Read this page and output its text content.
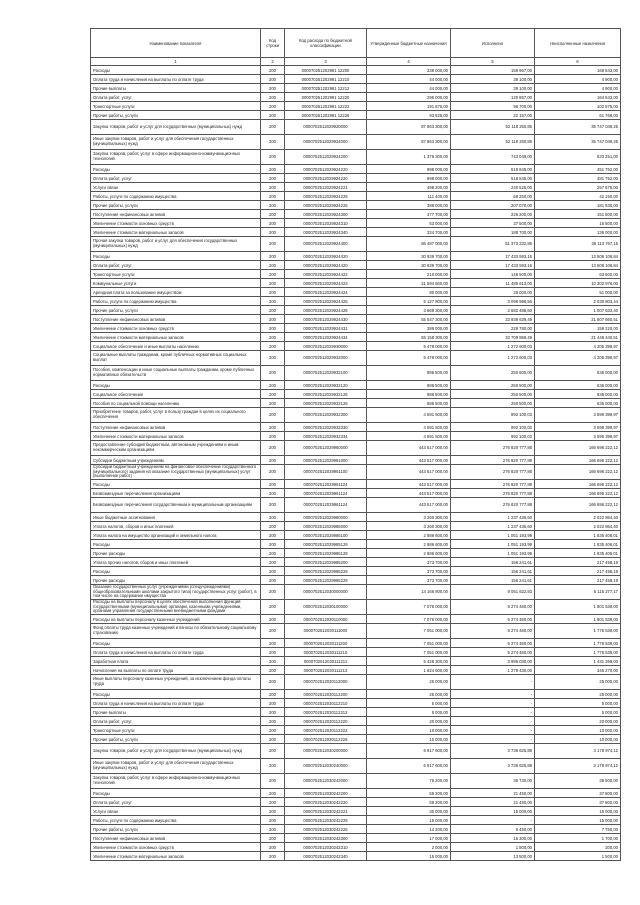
Наименование показателя	Код строки	Код расхода по бюджетной классификации	Утвержденные бюджетные назначения	Исполнено	Неисполненные назначения
1	2	3	4	5	6
Расходы	200	000070251202991 12200	339 000,00	159 967,00	169 543,00
Оплата труда и начисления на выплаты по оплате труда	200	000070251202991 12210	44 000,00	39 100,00	4 900,00
Прочие выплаты	200	000070251202991 12212	44 000,00	39 100,00	4 900,00
Оплата работ, услуг	200	000070251202991 12220	295 000,00	120 857,00	164 643,00
Транспортные услуги	200	000070251202991 12222	191 875,00	98 700,00	102 875,00
Прочие работы, услуги	200	000070251202991 12226	93 925,00	22 157,00	61 768,00
Закупка товаров, работ и услуг для государственных (муниципальных) нужд	200	0000702512029920000	87 863 300,00	52 118 250,85	35 747 049,25
Иные закупки товаров, работ и услуг для обеспечения государственных (муниципальных) нужд	200	0000702512029924000	87 863 300,00	52 118 250,85	35 747 049,25
Закупка товаров, работ, услуг в сфере информационно-коммуникационных технологий	200	0000702512029924200	1 376 300,00	743 049,00	633 251,00
Расходы	200	0000702512029924220	998 000,00	518 845,00	451 752,00
Оплата работ, услуг	200	0000702512029924220	998 000,00	518 845,00	481 752,00
Услуги связи	200	0000702512029924221	498 200,00	240 525,00	257 675,00
Работы, услуги по содержанию имущества	200	0000702512029924225	111 400,00	69 250,00	42 150,00
Прочие работы, услуги	200	0000702512029924226	389 000,00	207 070,00	181 930,00
Поступление нефинансовых активов	200	0000702512029924300	377 700,00	226 200,00	151 500,00
Увеличение стоимости основных средств	200	0000702512029924310	53 000,00	37 500,00	15 500,00
Увеличение стоимости материальных запасов	200	0000702512029924340	324 700,00	188 700,00	136 000,00
Прочая закупка товаров, работ и услуг для обеспечения государственных (муниципальных) нужд	200	0000702512029924400	86 487 000,00	51 373 232,85	35 113 767,15
Расходы	200	0000702512029924420	30 939 700,00	17 433 593,16	13 506 106,84
Оплата работ, услуг	200	0000702512029924420	30 939 700,00	17 433 593,16	13 506 106,84
Транспортные услуги	200	0000702512029924422	210 000,00	146 500,00	63 500,00
Коммунальные услуги	200	0000702512029924423	21 594 600,00	11 485 613,00	10 302 976,00
Арендная плата за пользование имуществом	200	0000702512029924424	80 000,00	29 000,00	51 000,00
Работы, услуги по содержанию имущества	200	0000702512029924425	5 127 800,00	3 096 996,56	2 030 803,44
Прочие работы, услуги	200	0000702512029924426	3 669 300,00	2 682 486,60	1 007 633,40
Поступление нефинансовых активов	200	0000702512029924430	55 547 300,00	33 939 639,49	21 607 660,51
Увеличение стоимости основных средств	200	0000702512029924431	389 000,00	229 780,00	159 220,00
Увеличение стоимости материальных запасов	200	0000702512029924434	55 158 300,00	33 709 859,49	21 448 440,51
Социальное обеспечение и иные выплаты населению	200	0000702512029930000	5 478 000,00	1 272 600,03	4 205 399,97
Социальные выплаты гражданам, кроме публичных нормативных социальных выплат	200	0000702512029932000	5 478 000,00	1 272 600,03	4 205 399,97
Пособия, компенсации и иные социальные выплаты гражданам, кроме публичных нормативных обязательств	200	0000702512029932100	886 500,00	250 600,00	636 000,00
Расходы	200	0000702512029932120	886 500,00	250 500,00	636 000,00
Социальное обеспечение	200	0000702512029932126	886 500,00	250 500,00	636 000,00
Пособия по социальной помощи населению	200	0000702512029932126	886 500,00	250 500,00	636 000,00
Приобретение товаров, работ, услуг в пользу граждан в целях их социального обеспечения	200	0000702512029932300	4 591 500,00	992 100,03	3 599 399,97
Поступление нефинансовых активов	200	0000702512029932330	4 591 500,00	992 100,03	3 599 399,97
Увеличение стоимости материальных запасов	200	0000702512029932334	4 591 500,00	992 100,03	3 599 399,97
Предоставление субсидий бюджетным, автономным учреждениям и иным некоммерческим организациям	200	0000702512029960000	443 517 000,00	276 820 777,88	166 696 222,12
Субсидии бюджетным учреждениям	200	0000702512029961000	443 517 000,00	276 820 777,88	166 696 222,12
Субсидии бюджетным учреждениям на финансовое обеспечение государственного (муниципального) задания на оказание государственных (муниципальных) услуг (выполнение работ)	200	0000702512029961100	443 517 000,00	276 820 777,88	166 696 222,12
Расходы	200	0000702512029961124	443 517 000,00	276 820 777,88	166 696 222,12
Безвозмездные перечисления организациям	200	0000702512029961124	443 517 000,00	276 820 777,88	166 696 222,12
Безвозмездные перечисления государственным и муниципальным организациям	200	0000702512029961124	443 517 000,00	276 820 777,88	166 696 222,12
Иные бюджетные ассигнования	200	0000702512029980000	3 260 300,00	1 237 436,60	2 022 864,40
Уплата налогов, сборов и иных платежей	200	0000702512029985000	3 260 300,00	1 237 435,60	2 022 864,40
Уплата налога на имущество организаций и земельного налога	200	0000702512029985100	2 886 600,00	1 051 193,99	1 835 406,01
Расходы	200	0000702512029985129	2 886 600,00	1 051 193,99	1 835 406,01
Прочие расходы	200	0000702512029985129	2 886 600,00	1 051 193,99	1 835 406,01
Уплата прочих налогов, сборов и иных платежей	200	0000702512029985200	373 700,00	156 241,61	217 458,19
Расходы	200	0000702512029985229	373 700,00	156 241,61	217 458,19
Прочие расходы	200	0000702512029985229	373 700,00	156 241,61	217 458,19
Оказание государственных услуг (учреждениями (спецучреждениями) общеобразовательными школами закрытого типа) государственных услуг (работ), в том числе на содержание имущества	200	0000702512030000000	14 166 800,00	9 051 622,83	5 115 277,17
Расходы на выплаты персоналу в целях обеспечения выполнения функций государственными (муниципальными) органами, казенными учреждениями, органами управления государственными внебюджетными фондами	200	0000702512030100000	7 076 000,00	5 274 460,00	1 801 539,00
Расходы на выплаты персоналу казенных учреждений	200	0000702512030110000	7 076 000,00	5 274 460,00	1 801 539,00
Фонд оплаты труда казенных учреждений и взносы по обязательному социальному страхованию	200	0000702512030111000	7 051 000,00	5 274 460,00	1 776 539,00
Расходы	200	0000702512030111200	7 051 000,00	5 274 460,00	1 776 539,00
Оплата труда и начисления на выплаты по оплате труда	200	0000702512030111210	7 051 000,00	5 274 460,00	1 776 539,00
Заработная плата	200	0000702512030111211	5 426 300,00	3 995 030,00	1 431 269,00
Начисления на выплаты по оплате труда	200	0000702512030111213	1 624 600,00	1 279 430,00	345 270,00
Иные выплаты персоналу казенных учреждений, за исключением фонда оплаты труда	200	0000702512030112000	25 000,00	-	25 000,00
Расходы	200	0000702512030112200	25 000,00	-	25 000,00
Оплата труда и начисления на выплаты по оплате труда	200	0000702512030112210	5 000,00	-	5 000,00
Прочие выплаты	200	0000702512030112212	5 000,00	-	5 000,00
Оплата работ, услуг	200	0000702512030112220	20 000,00	-	20 000,00
Транспортные услуги	200	0000702512030112222	10 000,00	-	10 000,00
Прочие работы, услуги	200	0000702512030112226	10 000,00	-	10 000,00
Закупка товаров, работ и услуг для государственных (муниципальных) нужд	200	0000702512030200000	6 917 600,00	3 736 625,88	3 178 974,12
Иные закупки товаров, работ и услуг для обеспечения государственных (муниципальных) нужд	200	0000702512030240000	6 917 600,00	3 736 625,88	3 178 974,12
Закупка товаров, работ, услуг в сфере информационно-коммуникационных технологий	200	0000702512030242000	76 200,00	36 730,00	39 500,00
Расходы	200	0000702512030242200	59 200,00	21 450,00	37 800,00
Оплата работ, услуг	200	0000702512030242220	59 200,00	21 450,00	37 800,00
Услуги связи	200	0000702512030242221	30 000,00	15 000,00	15 000,00
Работы, услуги по содержанию имущества	200	0000702512030242225	15 000,00	-	15 000,00
Прочие работы, услуги	200	0000702512030242226	14 200,00	6 450,00	7 750,00
Поступление нефинансовых активов	200	0000702512030242300	17 000,00	15 300,00	1 700,00
Увеличение стоимости основных средств	200	0000702512030242310	2 000,00	1 800,00	200,00
Увеличение стоимости материальных запасов	200	0000702512030242340	15 000,00	13 500,00	1 500,00
